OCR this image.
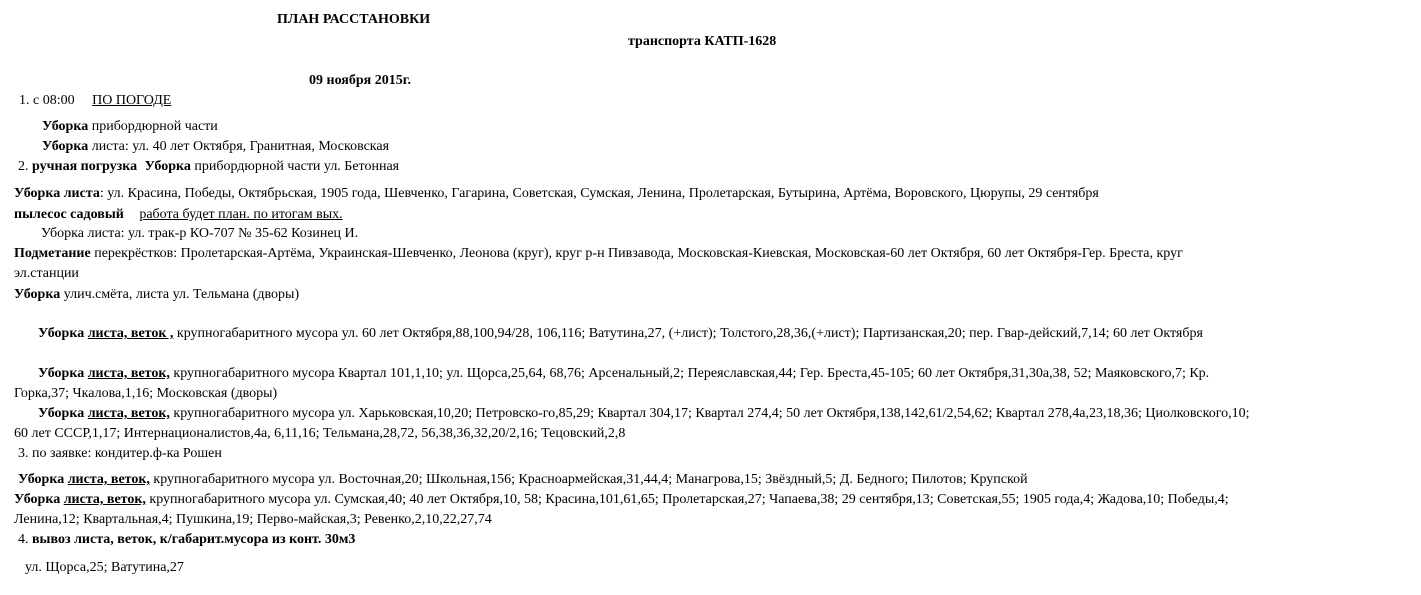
ПЛАН РАССТАНОВКИ
транспорта КАТП-1628
09 ноября 2015г.
1. с 08:00 ПО ПОГОДЕ
Уборка прибордюрной части
Уборка листа: ул. 40 лет Октября, Гранитная, Московская
2. ручная погрузка Уборка прибордюрной части ул. Бетонная
Уборка листа: ул. Красина, Победы, Октябрьская, 1905 года, Шевченко, Гагарина, Советская, Сумская, Ленина, Пролетарская, Бутырина, Артёма, Воровского, Цюрупы, 29 сентября
пылесос садовый работа будет план. по итогам вых.
Уборка листа: ул. трак-р КО-707 № 35-62 Козинец И.
Подметание перекрёстков: Пролетарская-Артёма, Украинская-Шевченко, Леонова (круг), круг р-н Пивзавода, Московская-Киевская, Московская-60 лет Октября, 60 лет Октября-Гер. Бреста, круг
эл.станции
Уборка улич.смёта, листа ул. Тельмана (дворы)
Уборка листа, веток , крупногабаритного мусора ул. 60 лет Октября,88,100,94/28, 106,116; Ватутина,27, (+лист); Толстого,28,36,(+лист); Партизанская,20; пер. Гвар-дейский,7,14; 60 лет Октября
Уборка листа, веток, крупногабаритного мусора Квартал 101,1,10; ул. Щорса,25,64, 68,76; Арсенальный,2; Переяславская,44; Гер. Бреста,45-105; 60 лет Октября,31,30а,38, 52; Маяковского,7; Кр.
Горка,37; Чкалова,1,16; Московская (дворы)
Уборка листа, веток, крупногабаритного мусора ул. Харьковская,10,20; Петровско-го,85,29; Квартал 304,17; Квартал 274,4; 50 лет Октября,138,142,61/2,54,62; Квартал 278,4а,23,18,36; Циолковского,10;
60 лет СССР,1,17; Интернационалистов,4а, 6,11,16; Тельмана,28,72, 56,38,36,32,20/2,16; Тецовский,2,8
3. по заявке: кондитер.ф-ка Рошен
Уборка листа, веток, крупногабаритного мусора ул. Восточная,20; Школьная,156; Красноармейская,31,44,4; Манагрова,15; Звёздный,5; Д. Бедного; Пилотов; Крупской
Уборка листа, веток, крупногабаритного мусора ул. Сумская,40; 40 лет Октября,10, 58; Красина,101,61,65; Пролетарская,27; Чапаева,38; 29 сентября,13; Советская,55; 1905 года,4; Жадова,10; Победы,4;
Ленина,12; Квартальная,4; Пушкина,19; Перво-майская,3; Ревенко,2,10,22,27,74
4. вывоз листа, веток, к/габарит.мусора из конт. 30м3
ул. Щорса,25; Ватутина,27
